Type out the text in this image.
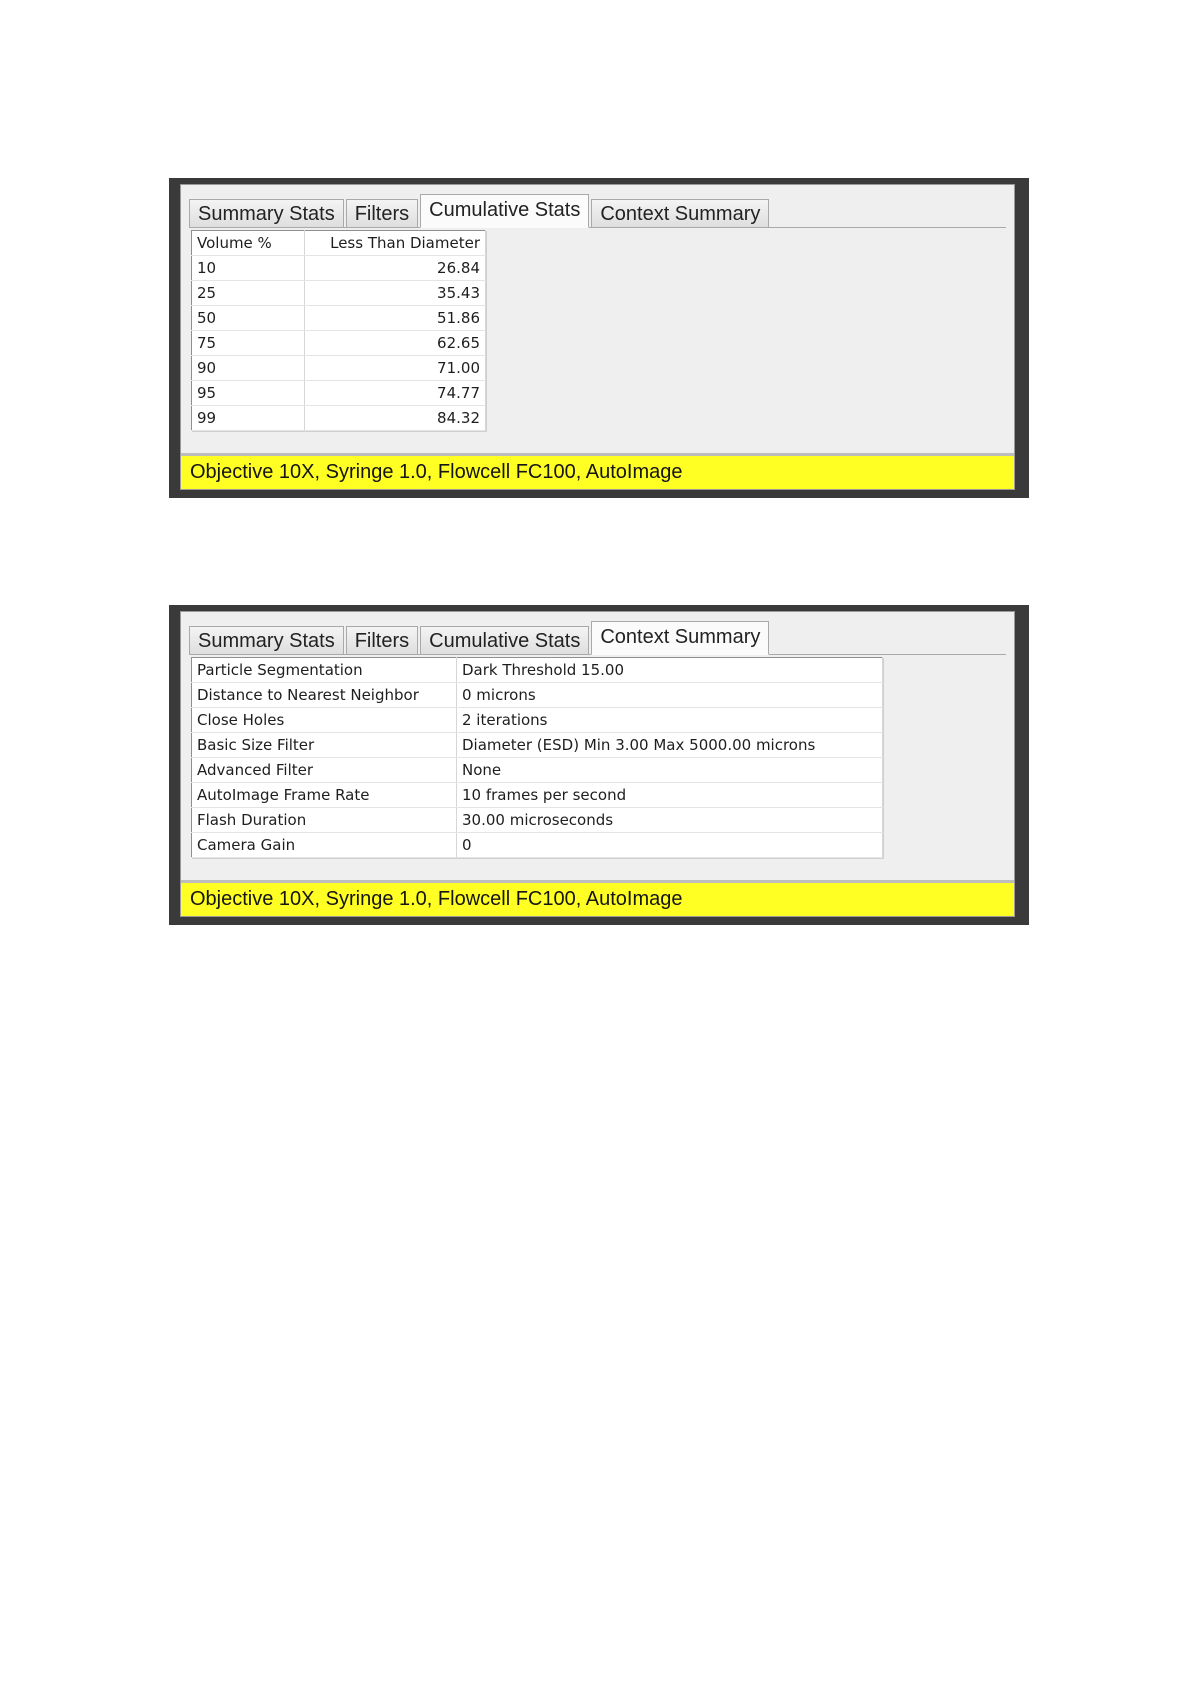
Summary Stats	Filters	Cumulative Stats	Context Summary
Volume %	Less Than Diameter
10	26.84
25	35.43
50	51.86
75	62.65
90	71.00
95	74.77
99	84.32
Objective 10X, Syringe 1.0, Flowcell FC100, AutoImage
Summary Stats	Filters	Cumulative Stats	Context Summary
Particle Segmentation	Dark Threshold 15.00
Distance to Nearest Neighbor	0 microns
Close Holes	2 iterations
Basic Size Filter	Diameter (ESD) Min 3.00 Max 5000.00 microns
Advanced Filter	None
AutoImage Frame Rate	10 frames per second
Flash Duration	30.00 microseconds
Camera Gain	0
Objective 10X, Syringe 1.0, Flowcell FC100, AutoImage
